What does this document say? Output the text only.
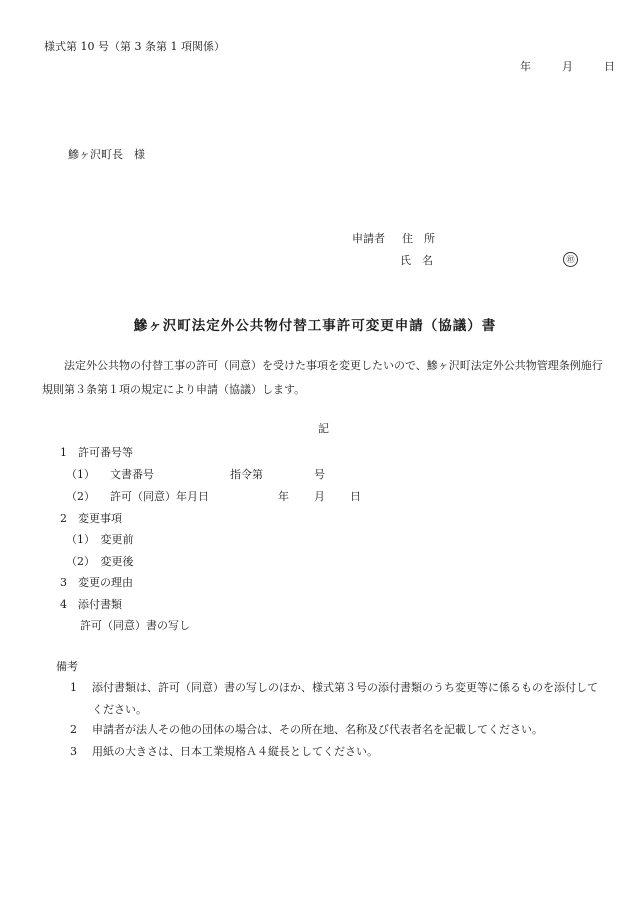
様式第 10 号（第 3 条第 1 項関係）
年	月	日
鰺ヶ沢町長　様
申請者 住　所
氏　名	㊞
鰺ヶ沢町法定外公共物付替工事許可変更申請（協議）書
法定外公共物の付替工事の許可（同意）を受けた事項を変更したいので、鰺ヶ沢町法定外公共物管理条例施行規則第３条第１項の規定により申請（協議）します。
記
1　許可番号等
（1） 文書番号	指令第	号
（2） 許可（同意）年月日	年 月 日
2　変更事項
（1）　変更前
（2）　変更後
3　変更の理由
4　添付書類
許可（同意）書の写し
備考
1 添付書類は、許可（同意）書の写しのほか、様式第３号の添付書類のうち変更等に係るものを添付してください。
2 申請者が法人その他の団体の場合は、その所在地、名称及び代表者名を記載してください。
3 用紙の大きさは、日本工業規格Ａ４縦長としてください。
